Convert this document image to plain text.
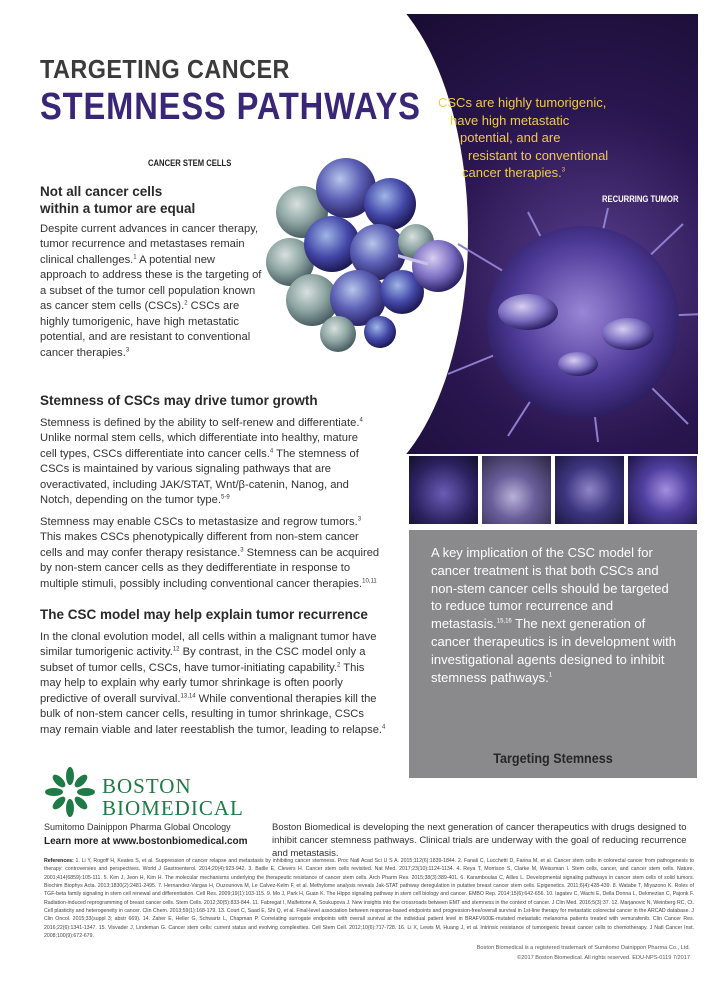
TARGETING CANCER
STEMNESS PATHWAYS CSCs are highly tumorigenic,
have high metastatic
potential, and are
resistant to conventional
cancer therapies.$^3$
CANCER STEM CELLS
RECURRING TUMOR
Not all cancer cells
within a tumor are equal
Despite current advances in cancer therapy, tumor recurrence and metastases remain clinical challenges.$^1$ A potential new approach to address these is the targeting of a subset of the tumor cell population known as cancer stem cells (CSCs).$^2$ CSCs are highly tumorigenic, have high metastatic potential, and are resistant to conventional cancer therapies.$^3$
Stemness of CSCs may drive tumor growth
Stemness is defined by the ability to self-renew and differentiate.$^4$ Unlike normal stem cells, which differentiate into healthy, mature cell types, CSCs differentiate into cancer cells.$^4$ The stemness of CSCs is maintained by various signaling pathways that are overactivated, including JAK/STAT, Wnt/β-catenin, Nanog, and Notch, depending on the tumor type.$^{5-9}$
Stemness may enable CSCs to metastasize and regrow tumors.$^3$ This makes CSCs phenotypically different from non-stem cancer cells and may confer therapy resistance.$^3$ Stemness can be acquired by non-stem cancer cells as they dedifferentiate in response to multiple stimuli, possibly including conventional cancer therapies.$^{10,11}$
The CSC model may help explain tumor recurrence
In the clonal evolution model, all cells within a malignant tumor have similar tumorigenic activity.$^{12}$ By contrast, in the CSC model only a subset of tumor cells, CSCs, have tumor-initiating capability.$^2$ This may help to explain why early tumor shrinkage is often poorly predictive of overall survival.$^{13,14}$ While conventional therapies kill the bulk of non-stem cancer cells, resulting in tumor shrinkage, CSCs may remain viable and later reestablish the tumor, leading to relapse.$^4$
A key implication of the CSC model for cancer treatment is that both CSCs and non-stem cancer cells should be targeted to reduce tumor recurrence and metastasis.$^{15,16}$ The next generation of cancer therapeutics is in development with investigational agents designed to inhibit stemness pathways.$^1$
Targeting Stemness
BOSTON
BIOMEDICAL
Sumitomo Dainippon Pharma Global Oncology
Learn more at www.bostonbiomedical.com
Boston Biomedical is developing the next generation of cancer therapeutics with drugs designed to inhibit cancer stemness pathways. Clinical trials are underway with the goal of reducing recurrence and metastasis.
References: 1. Li Y, Rogoff H, Keates S, et al. Suppression of cancer relapse and metastasis by inhibiting cancer stemness. Proc Natl Acad Sci U S A. 2015;112(6):1839-1844. 2. Fanali C, Lucchetti D, Farina M, et al. Cancer stem cells in colorectal cancer from pathogenesis to therapy: controversies and perspectives. World J Gastroenterol. 2014;20(4):923-942. 3. Batlle E, Clevers H. Cancer stem cells revisited. Nat Med. 2017;23(10):1124-1134. 4. Reya T, Morrison S, Clarke M, Weissman I. Stem cells, cancer, and cancer stem cells. Nature. 2001;414(6859):105-111. 5. Kim J, Jeon H, Kim H. The molecular mechanisms underlying the therapeutic resistance of cancer stem cells. Arch Pharm Res. 2015;38(3):389-401. 6. Karamboulas C, Ailles L. Developmental signaling pathways in cancer stem cells of solid tumors. Biochim Biophys Acta. 2013;1830(2):2481-2495. 7. Hernandez-Vargas H, Ouzounova M, Le Calvez-Kelm F, et al. Methylome analysis reveals Jak-STAT pathway deregulation in putative breast cancer stem cells. Epigenetics. 2011;6(4):428-439. 8. Watabe T, Miyazono K. Roles of TGF-beta family signaling in stem cell renewal and differentiation. Cell Res. 2009;19(1):103-115. 9. Mo J, Park H, Guan K. The Hippo signaling pathway in stem cell biology and cancer. EMBO Rep. 2014;15(6):642-656. 10. Iagatev C, Wachi E, Della Donna L, Dekmezian C, Pajonk F. Radiation-induced reprogramming of breast cancer cells. Stem Cells. 2012;30(5):833-844. 11. Fabregat I, Malfettone A, Soukupova J. New insights into the crossroads between EMT and stemness in the context of cancer. J Clin Med. 2016;5(3):37. 12. Marjanovic N, Weinberg RC, Ct. Cell plasticity and heterogeneity in cancer. Clin Chem. 2013;59(1):168-179. 13. Court C, Saad E, Shi Q, et al. Final-level association between response-based endpoints and progression-free/overall survival in 1st-line therapy for metastatic colorectal cancer in the ARCAD database. J Clin Oncol. 2015;33(suppl 3; abstr 669). 14. Zaher E, Heller G, Schwartz L, Chapman P. Correlating surrogate endpoints with overall survival at the individual patient level in BRAFV600E-mutated metastatic melanoma patients treated with vemurafenib. Clin Cancer Res. 2016;22(6):1341-1347. 15. Visvader J, Lindeman G. Cancer stem cells: current status and evolving complexities. Cell Stem Cell. 2012;10(6):717-728. 16. Li X, Lewis M, Huang J, et al. Intrinsic resistance of tumorigenic breast cancer cells to chemotherapy. J Natl Cancer Inst. 2008;100(9):672-679.
Boston Biomedical is a registered trademark of Sumitomo Dainippon Pharma Co., Ltd.
©2017 Boston Biomedical. All rights reserved. EDU-NPS-0119 7/2017
